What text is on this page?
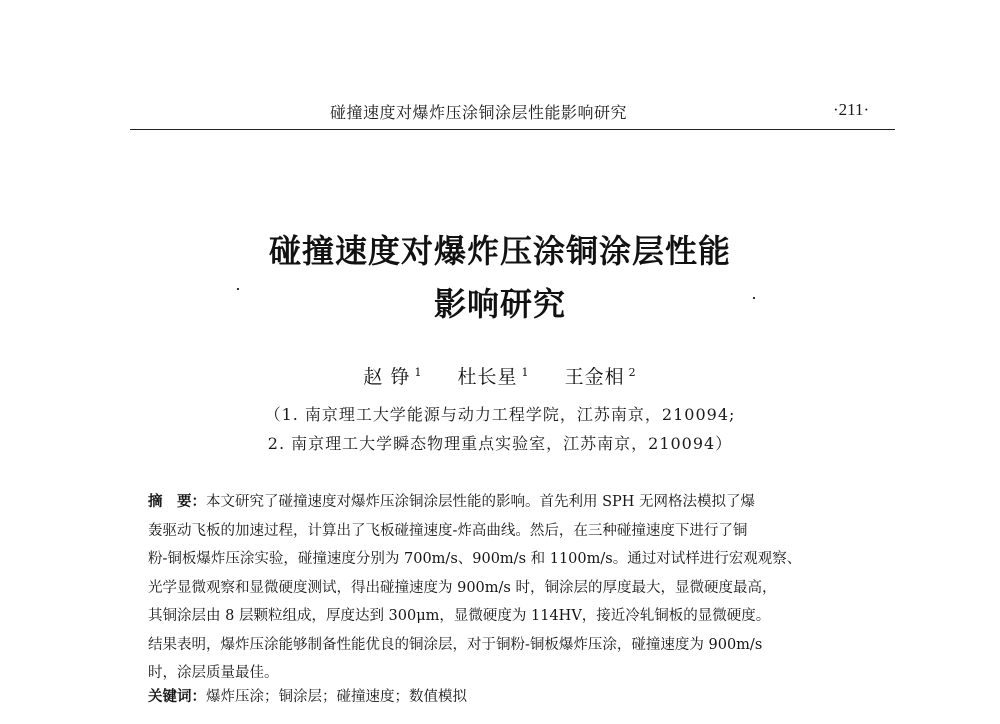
碰撞速度对爆炸压涂铜涂层性能影响研究	·211·
碰撞速度对爆炸压涂铜涂层性能
影响研究
赵 铮 $^1$ 杜长星 $^1$ 王金相 $^2$
（1. 南京理工大学能源与动力工程学院，江苏南京，210094;
2. 南京理工大学瞬态物理重点实验室，江苏南京，210094）
摘　要：本文研究了碰撞速度对爆炸压涂铜涂层性能的影响。首先利用 SPH 无网格法模拟了爆
轰驱动飞板的加速过程，计算出了飞板碰撞速度-炸高曲线。然后，在三种碰撞速度下进行了铜
粉-铜板爆炸压涂实验，碰撞速度分别为 700m/s、900m/s 和 1100m/s。通过对试样进行宏观观察、
光学显微观察和显微硬度测试，得出碰撞速度为 900m/s 时，铜涂层的厚度最大，显微硬度最高，
其铜涂层由 8 层颗粒组成，厚度达到 300μm，显微硬度为 114HV，接近冷轧铜板的显微硬度。
结果表明，爆炸压涂能够制备性能优良的铜涂层，对于铜粉-铜板爆炸压涂，碰撞速度为 900m/s
时，涂层质量最佳。
关键词：爆炸压涂；铜涂层；碰撞速度；数值模拟
